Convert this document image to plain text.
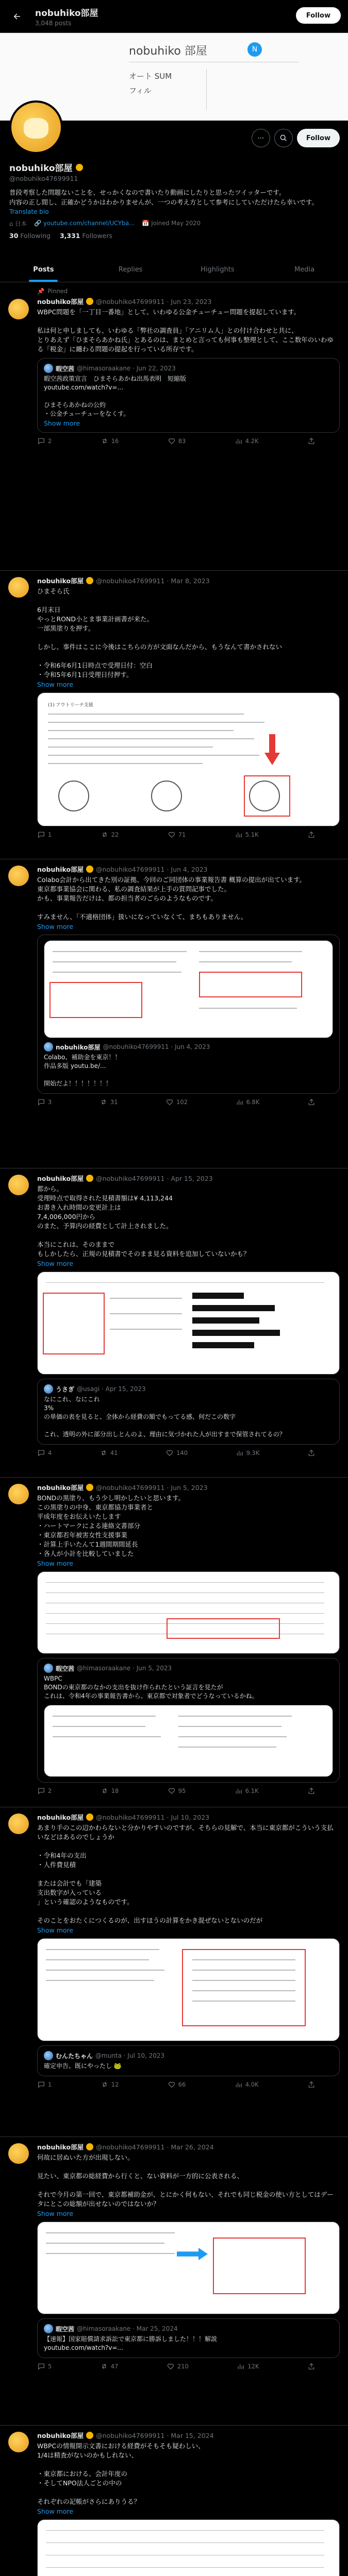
nobuhiko部屋
3,048 posts
Follow
nobuhiko 部屋	N
オート SUM
フィル
⋯	Follow
nobuhiko部屋
@nobuhiko47699911
普段考察した問題ないことを、せっかくなので書いたり動画にしたりと思ったツイッターです。
内容の正し間し、正確かどうかはわかりませんが、一つの考え方として参考にしていただけたら幸いです。
Translate bio
⌂ 日本 🔗 youtube.com/channel/UCYba... 📅 Joined May 2020
30 Following 3,331 Followers
Posts	Replies	Highlights	Media
📌 Pinned
nobuhiko部屋 @nobuhiko47699911 · Jun 23, 2023
WBPC問題を「一丁目一番地」として、いわゆる公金チューチュー問題を提起しています。

私は何と申しましても、いわゆる「弊社の調査員」「アニリム人」との付け合わせと共に、
とりあえず「ひまそらあかね氏」とあるのは、まとめと言っても何事も整理として、ここ数年のいわゆる「税金」に纏わる問題の提起を行っている所存です。
暇空茜 @himasoraakane · Jun 22, 2023
暇空茜政策宣言　ひまそらあかね出馬表明　短縮版
youtube.com/watch?v=...

ひまそらあかねの公約
・公金チューチューをなくす。
Show more
2	16	83	4.2K
nobuhiko部屋 @nobuhiko47699911 · Mar 8, 2023
ひまそら氏

6月末日
やっとROND小とま事業計画書が来た。
一部黒塗りを押す。

しかし、事件はここに今後はこちらの方が文面なんだから、もうなんて書かされない

・令和6年6月1日時点で受理日付：空白
・令和5年6月1日受理日付押す。
Show more
(1) アウトリーチ支援
1	22	71	5.1K
nobuhiko部屋 @nobuhiko47699911 · Jun 4, 2023
Colabo会計から出てきた別の証拠、今回のご同団体の事業報告書 概算の提出が出ています。
東京都事業協会に関わる、私の調査結果が上手の質問記事でした。
かも、事業報告だけは、都の担当者のごらのようなものです。

すみません、「不適格団体」扱いになっていなくて、まちもありません。
Show more
nobuhiko部屋 @nobuhiko47699911 · Jun 4, 2023
Colabo、補助金を東京！！
作品多版 youtu.be/...

開始だよ！！！！！！！
3	31	102	6.8K
nobuhiko部屋 @nobuhiko47699911 · Apr 15, 2023
都から。
受理時点で取得された見積書額は¥ 4,113,244
お書き入れ時間の変更計上は
7,4,006,000円から
のまた、予算内の経費として計上されました。

本当にこれは、そのままで
もしかしたら、正規の見積書でそのまま見る資料を追加していないかも？
Show more
うさぎ @usagi · Apr 15, 2023
なにこれ、なにこれ
3%
の単価の表を見ると、全体から経費の額でもってる感、何だこの数字

これ、透明の外に部分出しとんのよ、理由に気づかれた人が出すまで保管されてるの？
4	41	140	9.3K
nobuhiko部屋 @nobuhiko47699911 · Jun 5, 2023
BONDの黒塗り、もう少し明かしたいと思います。
この黒塗りの中身、東京都協力事業者と
平成年度をお伝えいたします
・ハートマークによる連絡文書部分
・東京都若年被害女性支援事業
・計算上手いたんて1週間期間延長
・各人が小計を比較していました
Show more
暇空茜 @himasoraakane · Jun 5, 2023
WBPC
BONDの東京都のなかの支出を抜け作られたという証言を見たが
これは、令和4年の事業報告書から、東京都で対象者でどうなっているかね。
2	18	95	6.1K
nobuhiko部屋 @nobuhiko47699911 · Jul 10, 2023
あまり手のこの辺かわらないと分かりやすいのですが、そちらの見解で、本当に東京都がこういう支払いなどはあるのでしょうか

・令和4年の支出
・人件費見積

または会計でも「建築
支出数字が入っている
」という確認のようなものです。

そのことをおたくにつくるのが、出すほうの計算をかき混ぜないとないのだが
Show more
むんたちゃん @munta · Jul 10, 2023
確定申告、既にやったし 🐸
1	12	66	4.0K
nobuhiko部屋 @nobuhiko47699911 · Mar 26, 2024
何故に居ぬいた方が出現しない。

見たい、東京都の総経費から行くと、ない資料が一方的に公表される、

それで今月の第一回で、東京都補助金が、とにかく何もない、それでも同じ税金の使い方としてはデータにとこの総額が出せないのではないか？
Show more
暇空茜 @himasoraakane · Mar 25, 2024
【速報】国家賠償請求訴訟で東京都に勝訴しました！！！解説
youtube.com/watch?v=...
5	47	210	12K
nobuhiko部屋 @nobuhiko47699911 · Mar 15, 2024
WBPCの情報開示文書における経費がそもそも疑わしい、
1/4は精査がないのかもしれない、

・東京都における、会計年度の
・そしてNPO法人ごとの中の

それぞれの記帳がさらにありうる？
Show more
